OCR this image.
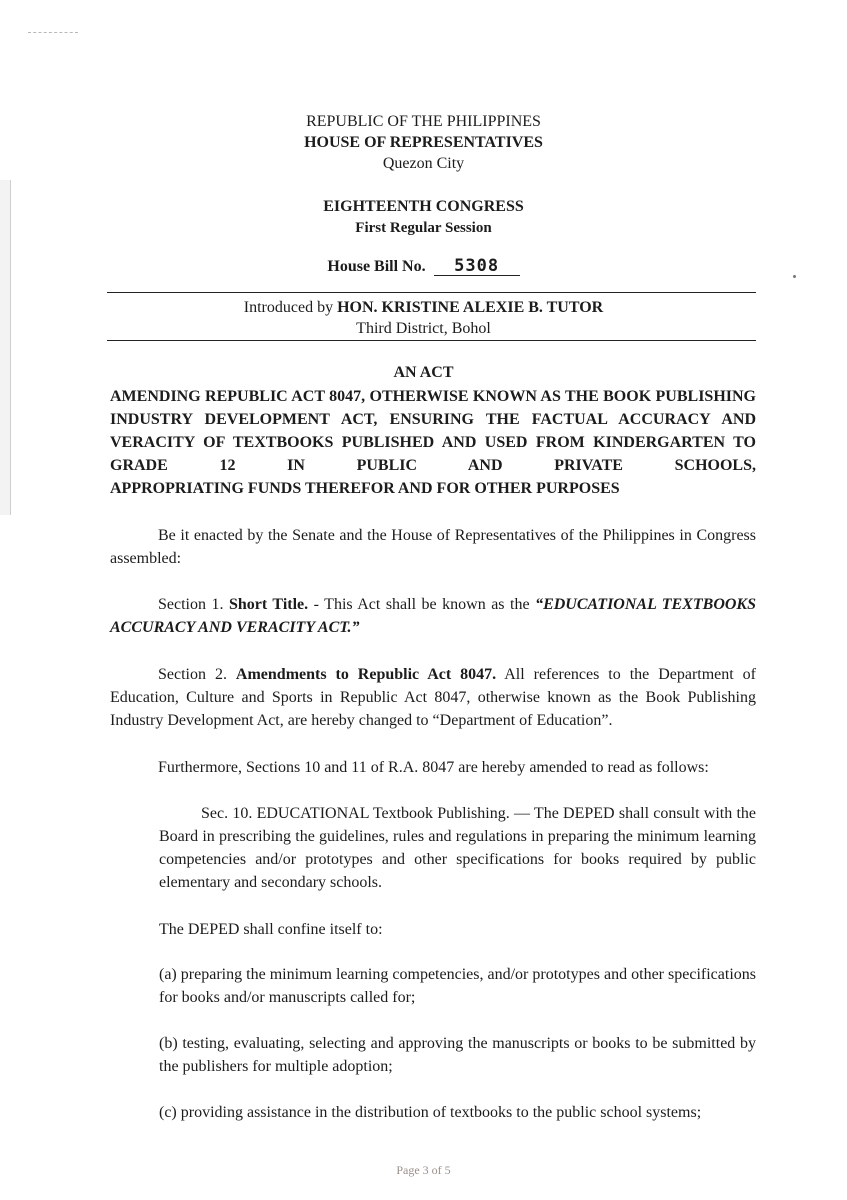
REPUBLIC OF THE PHILIPPINES
HOUSE OF REPRESENTATIVES
Quezon City
EIGHTEENTH CONGRESS
First Regular Session
House Bill No. 5308
Introduced by HON. KRISTINE ALEXIE B. TUTOR
Third District, Bohol
AN ACT
AMENDING REPUBLIC ACT 8047, OTHERWISE KNOWN AS THE BOOK PUBLISHING INDUSTRY DEVELOPMENT ACT, ENSURING THE FACTUAL ACCURACY AND VERACITY OF TEXTBOOKS PUBLISHED AND USED FROM KINDERGARTEN TO GRADE 12 IN PUBLIC AND PRIVATE SCHOOLS,
APPROPRIATING FUNDS THEREFOR AND FOR OTHER PURPOSES
Be it enacted by the Senate and the House of Representatives of the Philippines in Congress assembled:
Section 1. Short Title. - This Act shall be known as the “EDUCATIONAL TEXTBOOKS ACCURACY AND VERACITY ACT.”
Section 2. Amendments to Republic Act 8047. All references to the Department of Education, Culture and Sports in Republic Act 8047, otherwise known as the Book Publishing Industry Development Act, are hereby changed to “Department of Education”.
Furthermore, Sections 10 and 11 of R.A. 8047 are hereby amended to read as follows:
Sec. 10. EDUCATIONAL Textbook Publishing. — The DEPED shall consult with the Board in prescribing the guidelines, rules and regulations in preparing the minimum learning competencies and/or prototypes and other specifications for books required by public elementary and secondary schools.
The DEPED shall confine itself to:
(a) preparing the minimum learning competencies, and/or prototypes and other specifications for books and/or manuscripts called for;
(b) testing, evaluating, selecting and approving the manuscripts or books to be submitted by the publishers for multiple adoption;
(c) providing assistance in the distribution of textbooks to the public school systems;
Page 3 of 5
